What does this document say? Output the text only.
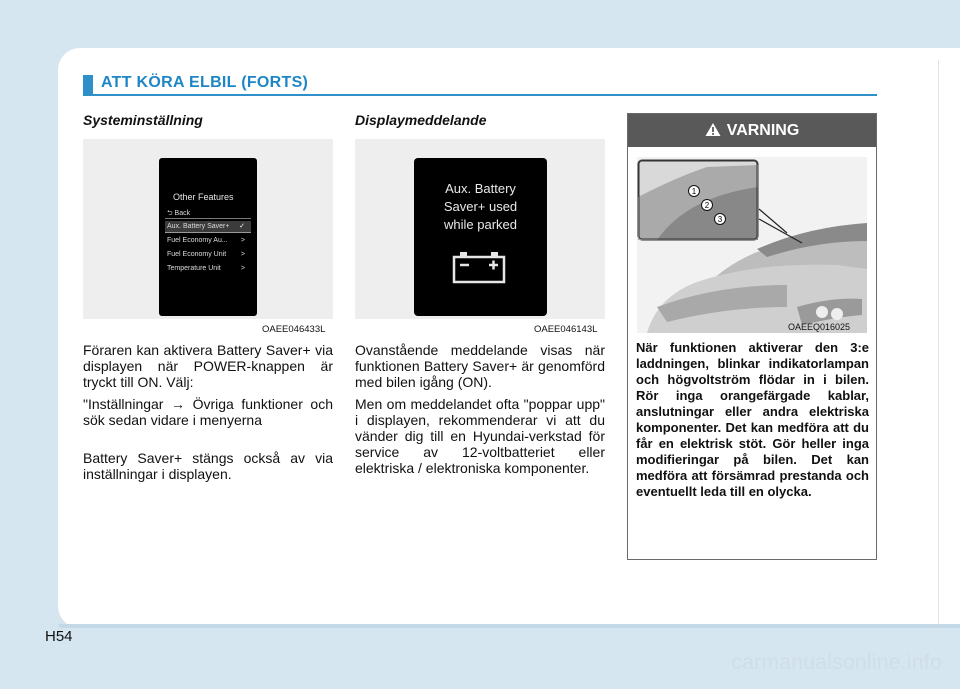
ATT KÖRA ELBIL (FORTS)
Systeminställning
Other Features
⮌ Back
Aux. Battery Saver+ ✓
Fuel Economy Au... >
Fuel Economy Unit >
Temperature Unit	>
OAEE046433L

Föraren kan aktivera Battery Saver+ via displayen när POWER-knappen är tryckt till ON. Välj:

"Inställningar → Övriga funktioner och sök sedan vidare i menyerna

Battery Saver+ stängs också av via inställningar i displayen.

Displaymeddelande
Aux. Battery
Saver+ used
while parked
OAEE046143L

Ovanstående meddelande visas när funktionen Battery Saver+ är genomförd med bilen igång (ON).

Men om meddelandet ofta "poppar upp" i displayen, rekommenderar vi att du vänder dig till en Hyundai-verkstad för service av 12-voltbatteriet eller elektriska / elektroniska komponenter.

VARNING
1
2
3
OAEEQ016025
När funktionen aktiverar den 3:e laddningen, blinkar indikatorlampan och högvoltström flödar in i bilen. Rör inga orangefärgade kablar, anslutningar eller andra elektriska komponenter. Det kan medföra att du får en elektrisk stöt. Gör heller inga modifieringar på bilen. Det kan medföra att försämrad prestanda och eventuellt leda till en olycka.
H54
carmanualsonline.info
